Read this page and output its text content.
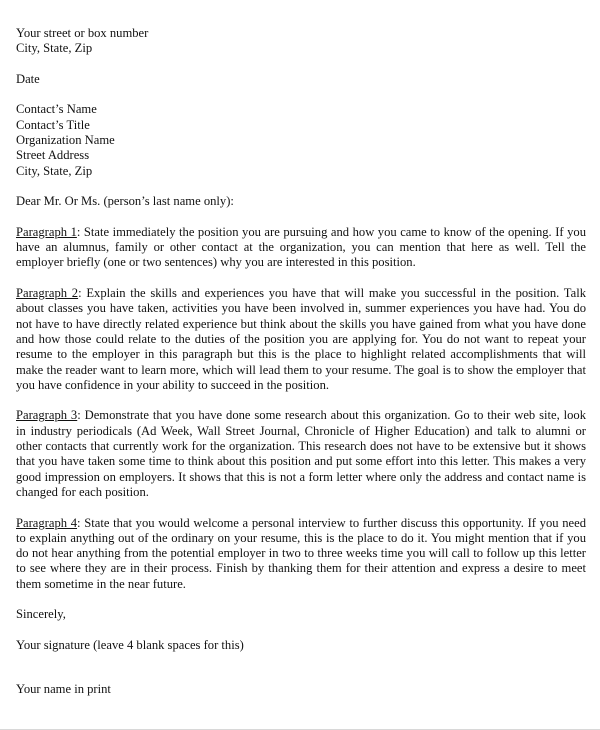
Your street or box number
City, State, Zip
Date
Contact’s Name
Contact’s Title
Organization Name
Street Address
City, State, Zip
Dear Mr. Or Ms. (person’s last name only):

Paragraph 1: State immediately the position you are pursuing and how you came to know of the opening. If you have an alumnus, family or other contact at the organization, you can mention that here as well. Tell the employer briefly (one or two sentences) why you are interested in this position.

Paragraph 2: Explain the skills and experiences you have that will make you successful in the position. Talk about classes you have taken, activities you have been involved in, summer experiences you have had. You do not have to have directly related experience but think about the skills you have gained from what you have done and how those could relate to the duties of the position you are applying for. You do not want to repeat your resume to the employer in this paragraph but this is the place to highlight related accomplishments that will make the reader want to learn more, which will lead them to your resume. The goal is to show the employer that you have confidence in your ability to succeed in the position.

Paragraph 3: Demonstrate that you have done some research about this organization. Go to their web site, look in industry periodicals (Ad Week, Wall Street Journal, Chronicle of Higher Education) and talk to alumni or other contacts that currently work for the organization. This research does not have to be extensive but it shows that you have taken some time to think about this position and put some effort into this letter. This makes a very good impression on employers. It shows that this is not a form letter where only the address and contact name is changed for each position.

Paragraph 4: State that you would welcome a personal interview to further discuss this opportunity. If you need to explain anything out of the ordinary on your resume, this is the place to do it. You might mention that if you do not hear anything from the potential employer in two to three weeks time you will call to follow up this letter to see where they are in their process. Finish by thanking them for their attention and express a desire to meet them sometime in the near future.

Sincerely,
Your signature (leave 4 blank spaces for this)
Your name in print
